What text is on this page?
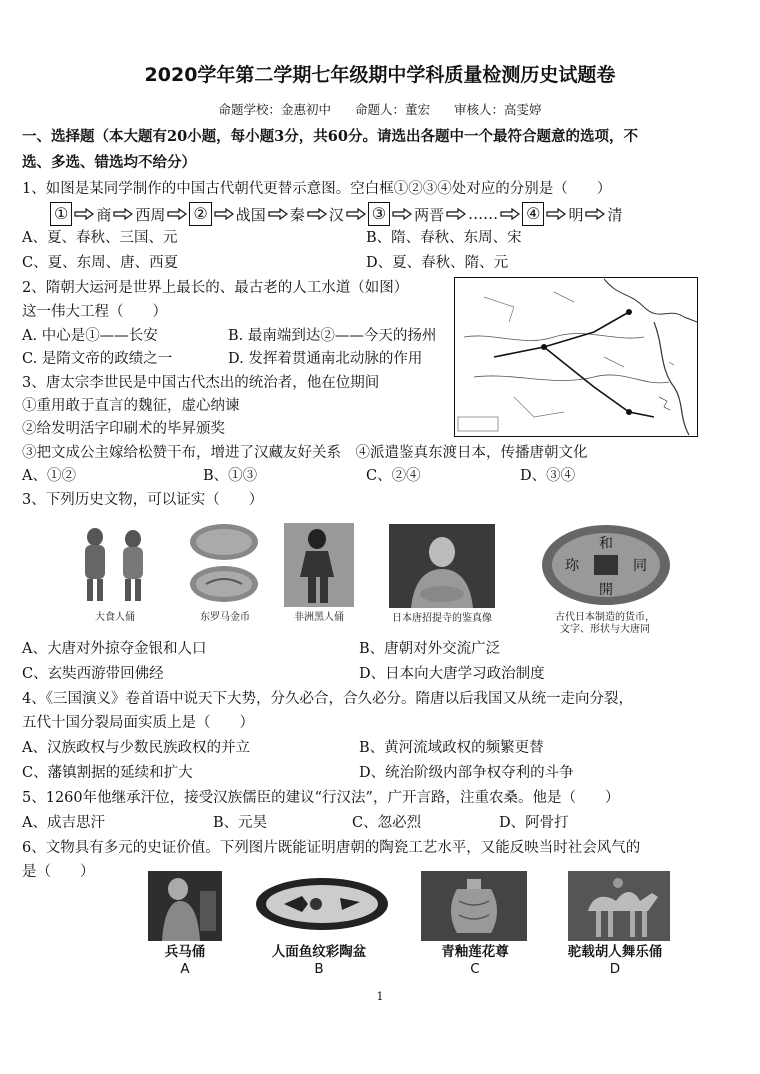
2020学年第二学期七年级期中学科质量检测历史试题卷
命题学校：金惠初中 命题人：董宏 审核人：高雯婷
一、选择题（本大题有20小题，每小题3分，共60分。请选出各题中一个最符合题意的选项，不
选、多选、错选均不给分）
1、如图是某同学制作的中国古代朝代更替示意图。空白框①②③④处对应的分别是（　　）
① 商 西周 ② 战国 秦 汉 ③ 两晋 …… ④ 明 清
A、夏、春秋、三国、元	B、隋、春秋、东周、宋
C、夏、东周、唐、西夏	D、夏、春秋、隋、元
2、隋朝大运河是世界上最长的、最古老的人工水道（如图）
这一伟大工程（　　）
A. 中心是①——长安	B. 最南端到达②——今天的扬州
C. 是隋文帝的政绩之一	D. 发挥着贯通南北动脉的作用
3、唐太宗李世民是中国古代杰出的统治者，他在位期间
①重用敢于直言的魏征，虚心纳谏
②给发明活字印刷术的毕昇颁奖
③把文成公主嫁给松赞干布，增进了汉藏友好关系　④派遣鉴真东渡日本，传播唐朝文化
A、①②	B、①③	C、②④	D、③④
3、下列历史文物，可以证实（　　）
大食人俑	东罗马金币	非洲黑人俑	日本唐招提寺的鉴真像
和
同
開
珎
古代日本制造的货币，
文字、形状与大唐同
A、大唐对外掠夺金银和人口	B、唐朝对外交流广泛
C、玄奘西游带回佛经	D、日本向大唐学习政治制度
4、《三国演义》卷首语中说天下大势，分久必合，合久必分。隋唐以后我国又从统一走向分裂，
五代十国分裂局面实质上是（　　）
A、汉族政权与少数民族政权的并立	B、黄河流域政权的频繁更替
C、藩镇割据的延续和扩大	D、统治阶级内部争权夺利的斗争
5、1260年他继承汗位，接受汉族儒臣的建议“行汉法”，广开言路，注重农桑。他是（　　）
A、成吉思汗	B、元昊	C、忽必烈	D、阿骨打
6、文物具有多元的史证价值。下列图片既能证明唐朝的陶瓷工艺水平，又能反映当时社会风气的
是（　　）
兵马俑
A
人面鱼纹彩陶盆
B
青釉莲花尊
C
驼载胡人舞乐俑
D
1
